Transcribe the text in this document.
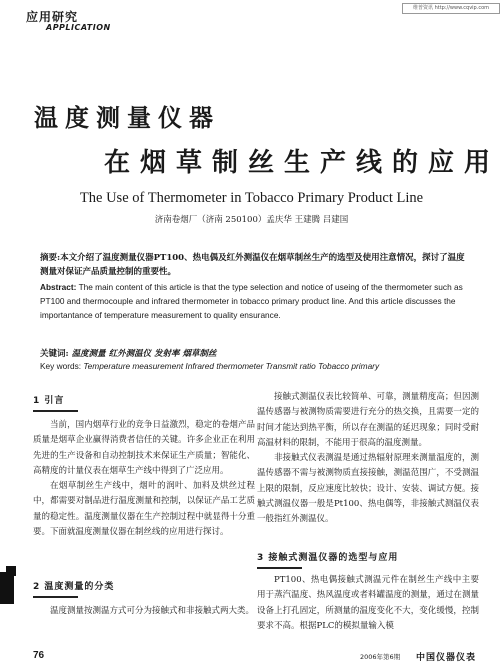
应用研究
APPLICATION
维普资讯 http://www.cqvip.com
温度测量仪器
在烟草制丝生产线的应用
The Use of Thermometer in Tobacco Primary Product Line
济南卷烟厂（济南 250100）孟庆华 王建腾 吕建国
摘要:本文介绍了温度测量仪器PT100、热电偶及红外测温仪在烟草制丝生产的选型及使用注意情况，探讨了温度测量对保证产品质量控制的重要性。
Abstract: The main content of this article is that the type selection and notice of useing of the thermometer such as PT100 and thermocouple and infrared thermometer in tobacco primary product line. And this article discusses the importantance of temperature measurement to quality ensurance.
关键词: 温度测量 红外测温仪 发射率 烟草制丝
Key words: Temperature measurement Infrared thermometer Transmit ratio Tobacco primary
1 引言

当前，国内烟草行业的竞争日益激烈，稳定的卷烟产品质量是烟草企业赢得消费者信任的关键。许多企业正在利用先进的生产设备和自动控制技术来保证生产质量；智能化、高精度的计量仪表在烟草生产线中得到了广泛应用。

在烟草制丝生产线中，烟叶的润叶、加料及烘丝过程中，都需要对制品进行温度测量和控制，以保证产品工艺质量的稳定性。温度测量仪器在生产控制过程中就显得十分重要。下面就温度测量仪器在制丝线的应用进行探讨。

2 温度测量的分类

温度测量按测温方式可分为接触式和非接触式两大类。

接触式测温仪表比较简单、可靠，测量精度高；但因测温传感器与被测物质需要进行充分的热交换，且需要一定的时间才能达到热平衡，所以存在测温的延迟现象；同时受耐高温材料的限制，不能用于很高的温度测量。

非接触式仪表测温是通过热辐射原理来测量温度的，测温传感器不需与被测物质直接接触，测温范围广，不受测温上限的限制，反应速度比较快；设计、安装、调试方便。接触式测温仪器一般是Pt100、热电偶等，非接触式测温仪表一般指红外测温仪。

3 接触式测温仪器的选型与应用

PT100、热电偶接触式测温元件在制丝生产线中主要用于蒸汽温度、热风温度或者料罐温度的测量，通过在测量设备上打孔固定，所测量的温度变化不大，变化缓慢，控制要求不高。根据PLC的模拟量输入模

76	2006年第6期 中国仪器仪表
